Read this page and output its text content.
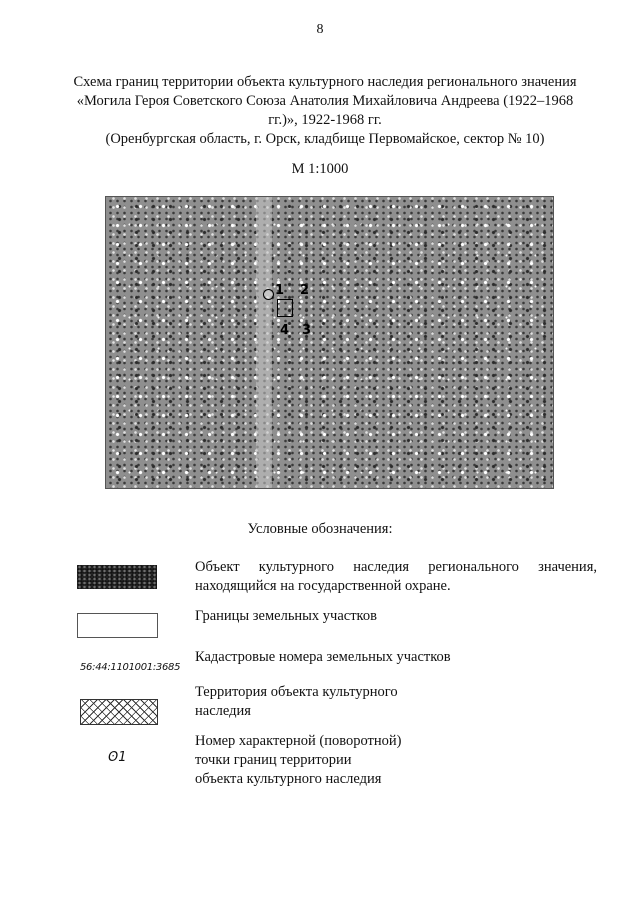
8
Схема границ территории объекта культурного наследия регионального значения
«Могила Героя Советского Союза Анатолия Михайловича Андреева (1922–1968
гг.)», 1922-1968 гг.
(Оренбургская область, г. Орск, кладбище Первомайское, сектор № 10)
М 1:1000
1 2
3
4
Условные обозначения:
Объект культурного наследия регионального значения,
находящийся на государственной охране.
Границы земельных участков
56:44:1101001:3685
Кадастровые номера земельных участков
Территория объекта культурного
наследия
ʘ1
Номер характерной (поворотной)
точки границ территории
объекта культурного наследия
